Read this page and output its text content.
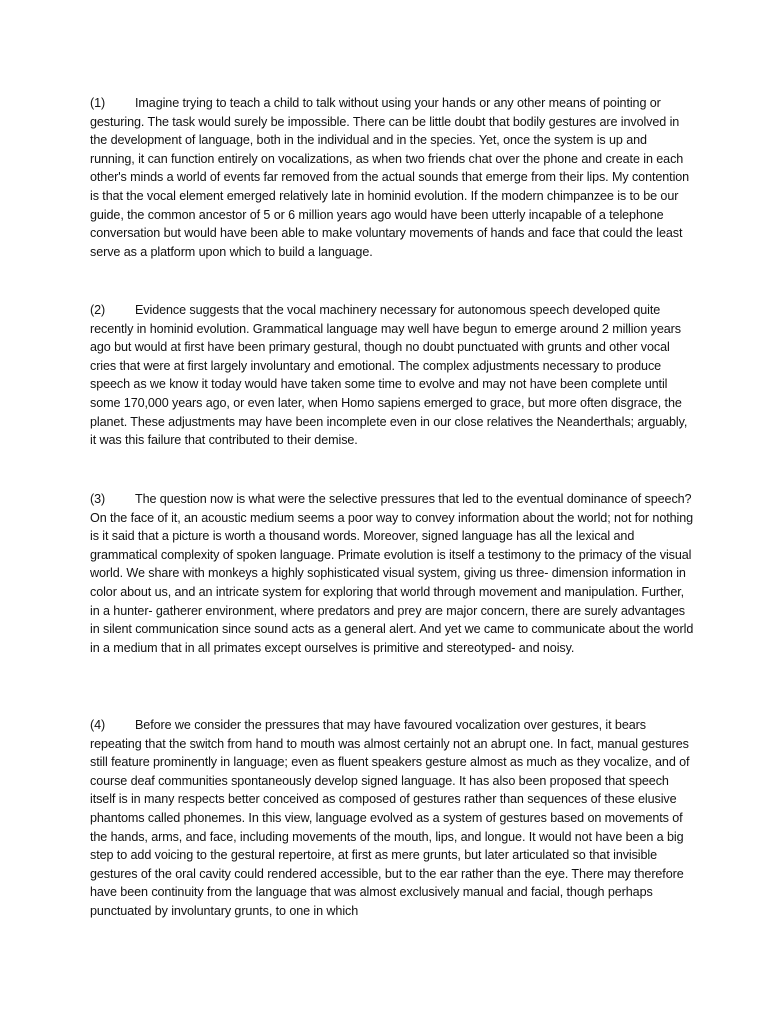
(1) Imagine trying to teach a child to talk without using your hands or any other means of pointing or gesturing. The task would surely be impossible. There can be little doubt that bodily gestures are involved in the development of language, both in the individual and in the species. Yet, once the system is up and running, it can function entirely on vocalizations, as when two friends chat over the phone and create in each other's minds a world of events far removed from the actual sounds that emerge from their lips. My contention is that the vocal element emerged relatively late in hominid evolution. If the modern chimpanzee is to be our guide, the common ancestor of 5 or 6 million years ago would have been utterly incapable of a telephone conversation but would have been able to make voluntary movements of hands and face that could the least serve as a platform upon which to build a language.

(2) Evidence suggests that the vocal machinery necessary for autonomous speech developed quite recently in hominid evolution. Grammatical language may well have begun to emerge around 2 million years ago but would at first have been primary gestural, though no doubt punctuated with grunts and other vocal cries that were at first largely involuntary and emotional. The complex adjustments necessary to produce speech as we know it today would have taken some time to evolve and may not have been complete until some 170,000 years ago, or even later, when Homo sapiens emerged to grace, but more often disgrace, the planet. These adjustments may have been incomplete even in our close relatives the Neanderthals; arguably, it was this failure that contributed to their demise.

(3) The question now is what were the selective pressures that led to the eventual dominance of speech? On the face of it, an acoustic medium seems a poor way to convey information about the world; not for nothing is it said that a picture is worth a thousand words. Moreover, signed language has all the lexical and grammatical complexity of spoken language. Primate evolution is itself a testimony to the primacy of the visual world. We share with monkeys a highly sophisticated visual system, giving us three- dimension information in color about us, and an intricate system for exploring that world through movement and manipulation. Further, in a hunter- gatherer environment, where predators and prey are major concern, there are surely advantages in silent communication since sound acts as a general alert. And yet we came to communicate about the world in a medium that in all primates except ourselves is primitive and stereotyped- and noisy.

(4) Before we consider the pressures that may have favoured vocalization over gestures, it bears repeating that the switch from hand to mouth was almost certainly not an abrupt one. In fact, manual gestures still feature prominently in language; even as fluent speakers gesture almost as much as they vocalize, and of course deaf communities spontaneously develop signed language. It has also been proposed that speech itself is in many respects better conceived as composed of gestures rather than sequences of these elusive phantoms called phonemes. In this view, language evolved as a system of gestures based on movements of the hands, arms, and face, including movements of the mouth, lips, and longue. It would not have been a big step to add voicing to the gestural repertoire, at first as mere grunts, but later articulated so that invisible gestures of the oral cavity could rendered accessible, but to the ear rather than the eye. There may therefore have been continuity from the language that was almost exclusively manual and facial, though perhaps punctuated by involuntary grunts, to one in which
